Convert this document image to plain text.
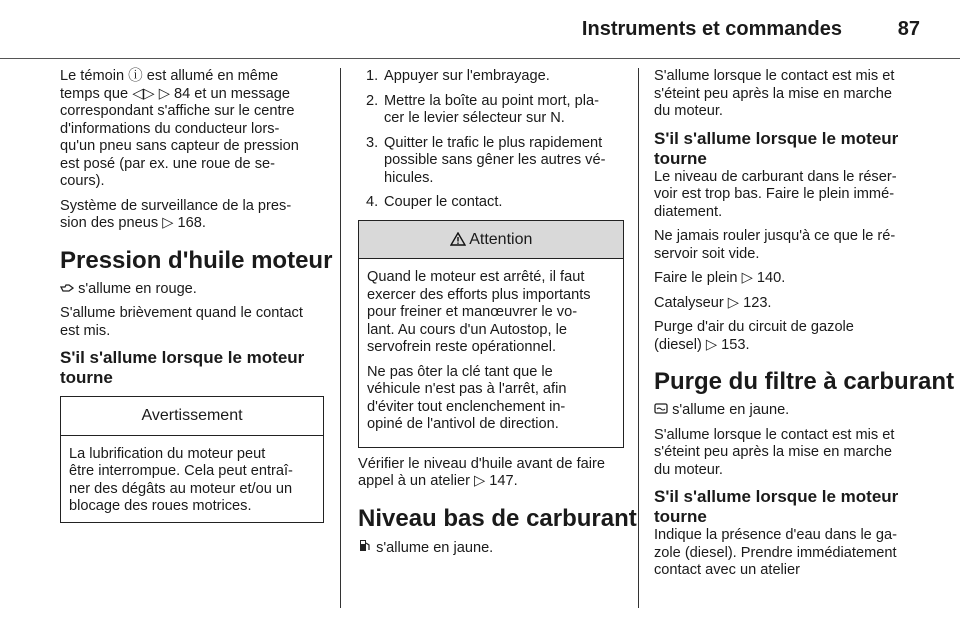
Instruments et commandes	87

Le témoin ⓘ est allumé en même
temps que ◁▷ ▷ 84 et un message
correspondant s'affiche sur le centre
d'informations du conducteur lors-
qu'un pneu sans capteur de pression
est posé (par ex. une roue de se-
cours).

Système de surveillance de la pres-
sion des pneus ▷ 168.

Pression d'huile moteur

s'allume en rouge.

S'allume brièvement quand le contact
est mis.

S'il s'allume lorsque le moteur
tourne
Avertissement
La lubrification du moteur peut
être interrompue. Cela peut entraî-
ner des dégâts au moteur et/ou un
blocage des roues motrices.
1. Appuyer sur l'embrayage.
2. Mettre la boîte au point mort, pla-
cer le levier sélecteur sur N.
3. Quitter le trafic le plus rapidement
possible sans gêner les autres vé-
hicules.
4. Couper le contact.
Attention

Quand le moteur est arrêté, il faut
exercer des efforts plus importants
pour freiner et manœuvrer le vo-
lant. Au cours d'un Autostop, le
servofrein reste opérationnel.

Ne pas ôter la clé tant que le
véhicule n'est pas à l'arrêt, afin
d'éviter tout enclenchement in-
opiné de l'antivol de direction.

Vérifier le niveau d'huile avant de faire
appel à un atelier ▷ 147.

Niveau bas de carburant

s'allume en jaune.

S'allume lorsque le contact est mis et
s'éteint peu après la mise en marche
du moteur.

S'il s'allume lorsque le moteur
tourne

Le niveau de carburant dans le réser-
voir est trop bas. Faire le plein immé-
diatement.

Ne jamais rouler jusqu'à ce que le ré-
servoir soit vide.

Faire le plein ▷ 140.

Catalyseur ▷ 123.

Purge d'air du circuit de gazole
(diesel) ▷ 153.

Purge du filtre à carburant

s'allume en jaune.

S'allume lorsque le contact est mis et
s'éteint peu après la mise en marche
du moteur.

S'il s'allume lorsque le moteur
tourne

Indique la présence d'eau dans le ga-
zole (diesel). Prendre immédiatement
contact avec un atelier
